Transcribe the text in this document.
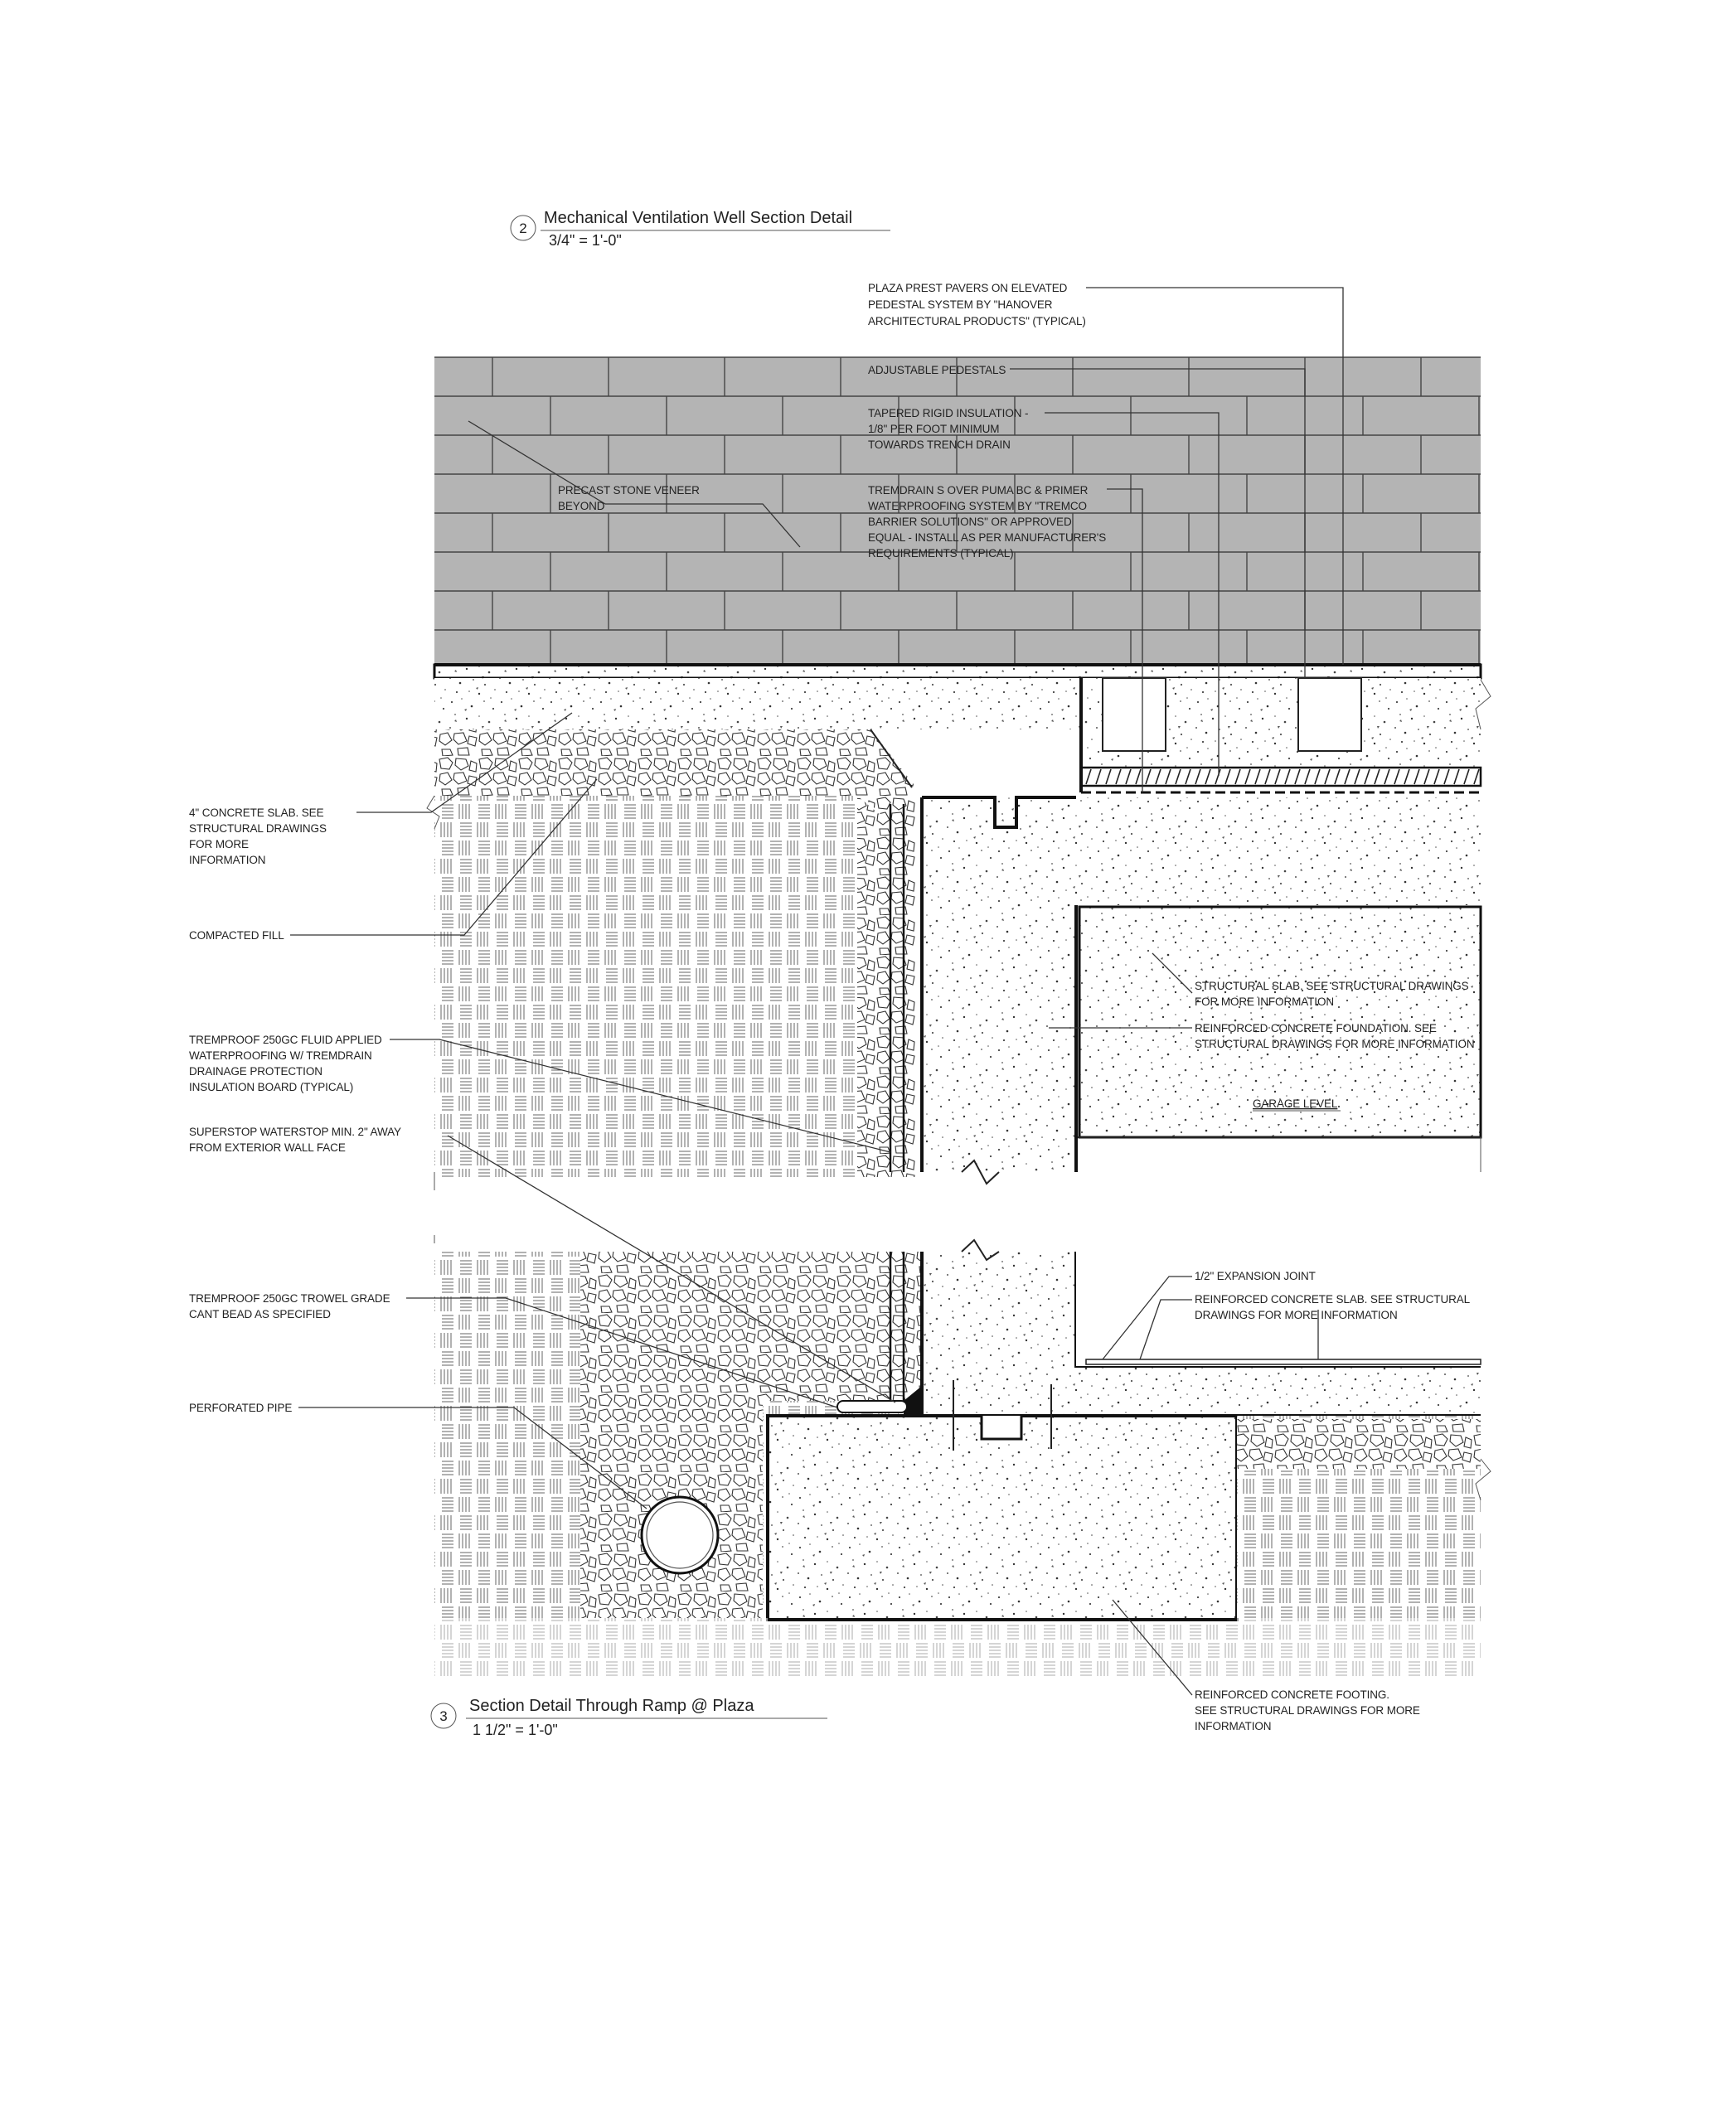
2
Mechanical Ventilation Well Section Detail
3/4" = 1'-0"
3
Section Detail Through Ramp @ Plaza
1 1/2" = 1'-0"
PLAZA PREST PAVERS ON ELEVATED
PEDESTAL SYSTEM BY "HANOVER
ARCHITECTURAL PRODUCTS" (TYPICAL)
ADJUSTABLE PEDESTALS
TAPERED RIGID INSULATION -
1/8" PER FOOT MINIMUM
TOWARDS TRENCH DRAIN
TREMDRAIN S OVER PUMA BC & PRIMER
WATERPROOFING SYSTEM BY "TREMCO
BARRIER SOLUTIONS" OR APPROVED
EQUAL - INSTALL AS PER MANUFACTURER'S
REQUIREMENTS (TYPICAL)
PRECAST STONE VENEER
BEYOND
4" CONCRETE SLAB. SEE
STRUCTURAL DRAWINGS
FOR MORE
INFORMATION
COMPACTED FILL
TREMPROOF 250GC FLUID APPLIED
WATERPROOFING W/ TREMDRAIN
DRAINAGE PROTECTION
INSULATION BOARD (TYPICAL)
SUPERSTOP WATERSTOP MIN. 2" AWAY
FROM EXTERIOR WALL FACE
STRUCTURAL SLAB. SEE STRUCTURAL DRAWINGS
FOR MORE INFORMATION
REINFORCED CONCRETE FOUNDATION. SEE
STRUCTURAL DRAWINGS FOR MORE INFORMATION
GARAGE LEVEL
1/2" EXPANSION JOINT
REINFORCED CONCRETE SLAB. SEE STRUCTURAL
DRAWINGS FOR MORE INFORMATION
TREMPROOF 250GC TROWEL GRADE
CANT BEAD AS SPECIFIED
PERFORATED PIPE
REINFORCED CONCRETE FOOTING.
SEE STRUCTURAL DRAWINGS FOR MORE
INFORMATION
